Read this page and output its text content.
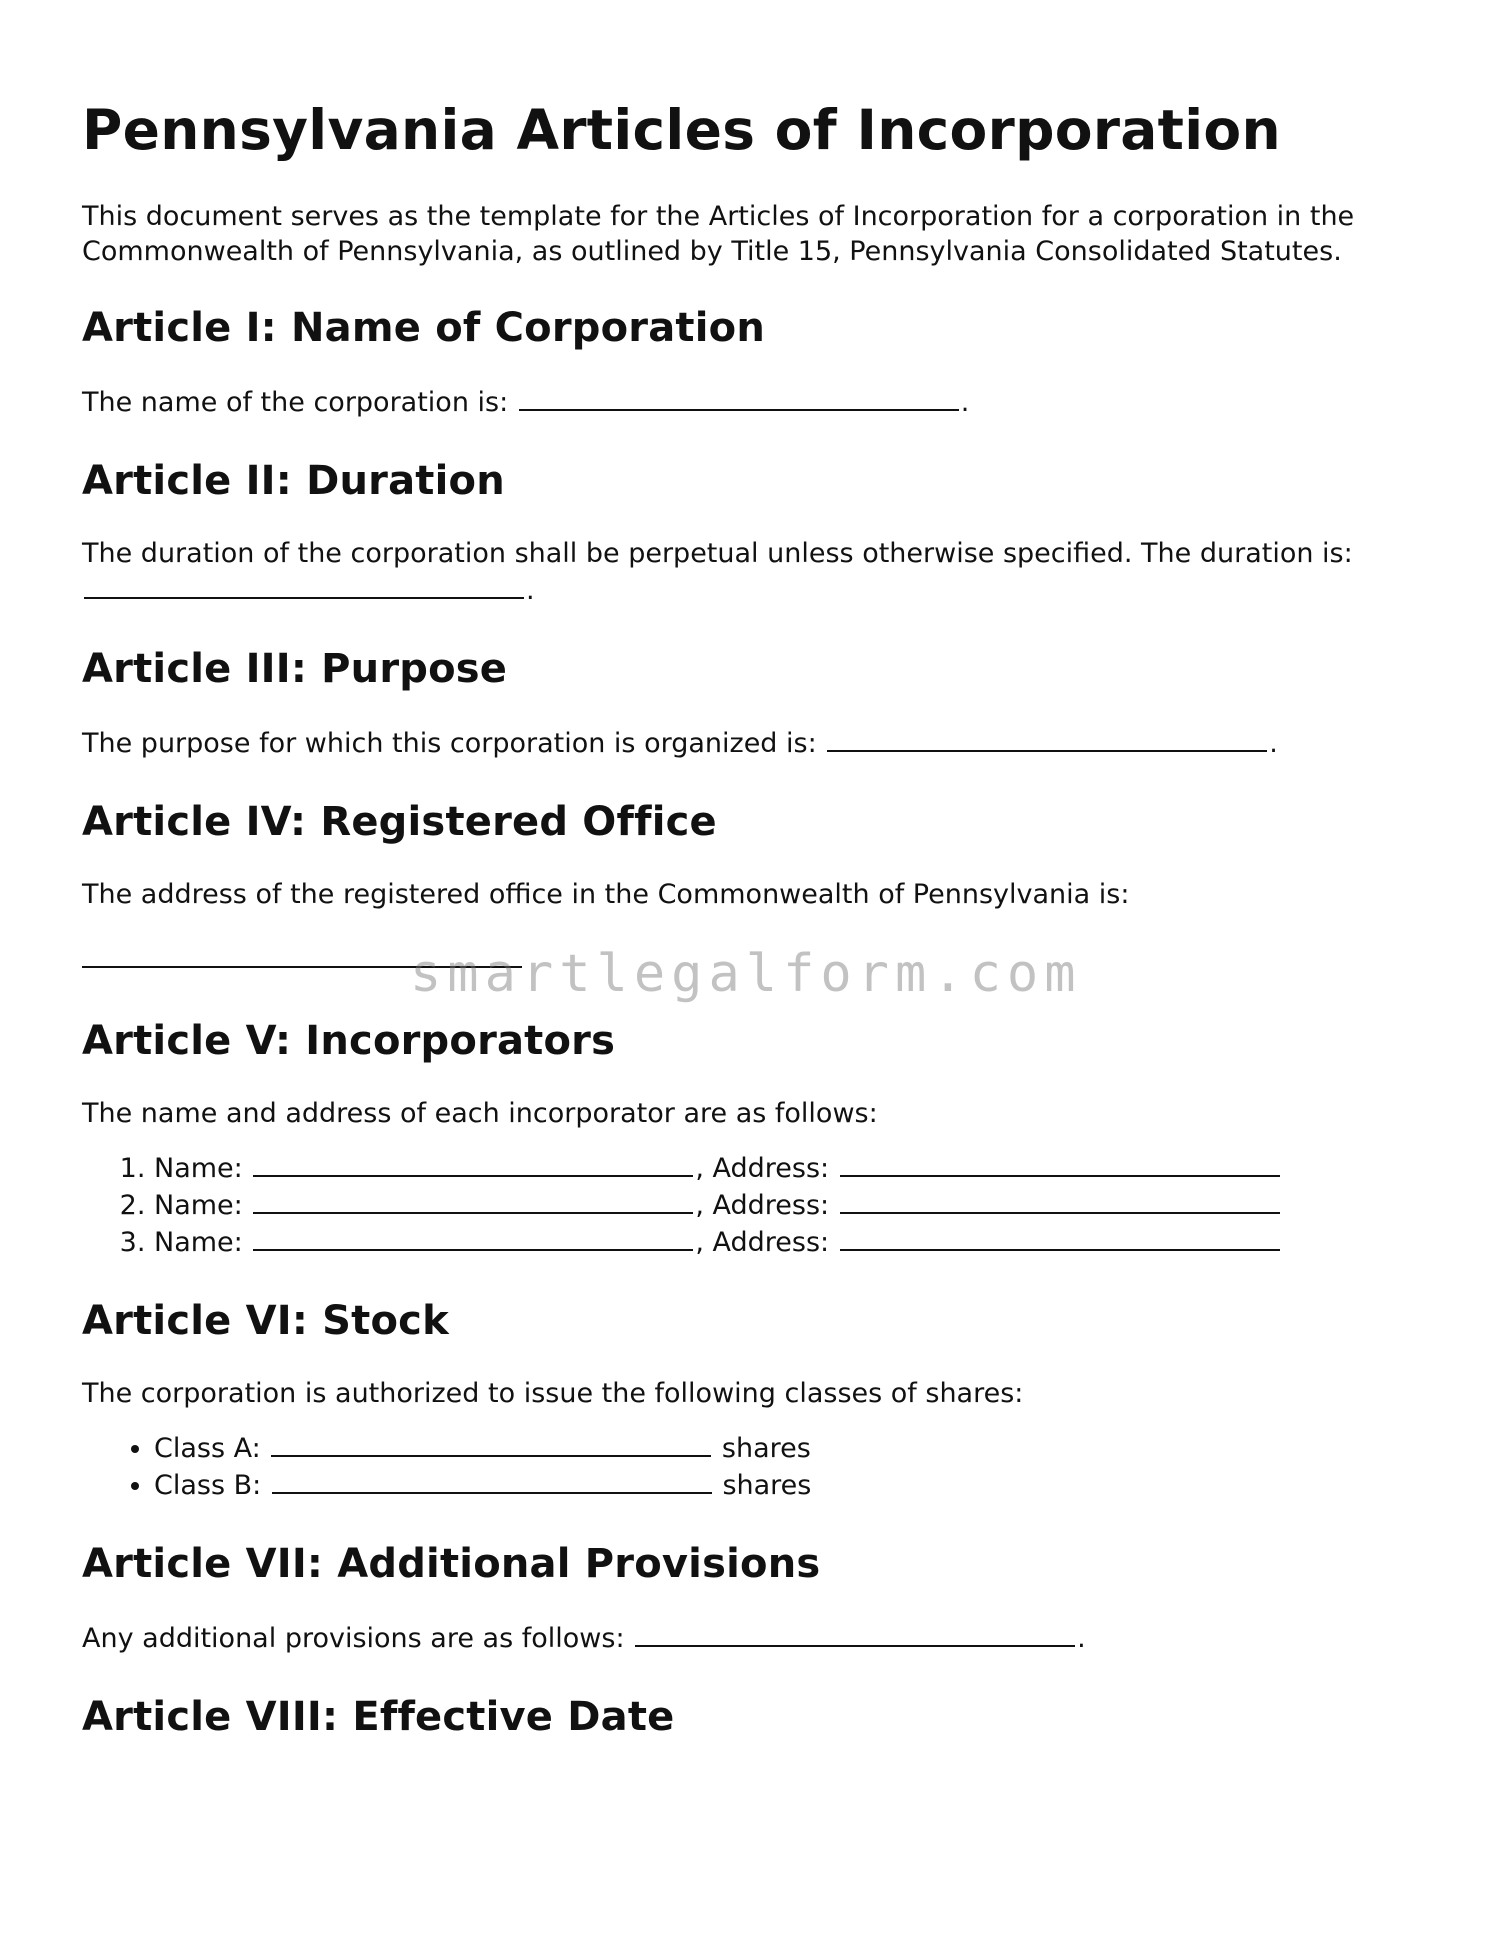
Pennsylvania Articles of Incorporation

This document serves as the template for the Articles of Incorporation for a corporation in the Commonwealth of Pennsylvania, as outlined by Title 15, Pennsylvania Consolidated Statutes.

Article I: Name of Corporation

The name of the corporation is:	.

Article II: Duration

The duration of the corporation shall be perpetual unless otherwise specified. The duration is: .

Article III: Purpose

The purpose for which this corporation is organized is:	.

Article IV: Registered Office

The address of the registered office in the Commonwealth of Pennsylvania is:

Article V: Incorporators

The name and address of each incorporator are as follows:

1. Name:	, Address:
2. Name:	, Address:
3. Name:	, Address:
Article VI: Stock

The corporation is authorized to issue the following classes of shares:

• Class A:	shares
• Class B:	shares
Article VII: Additional Provisions

Any additional provisions are as follows:	.

Article VIII: Effective Date
smartlegalform.com
